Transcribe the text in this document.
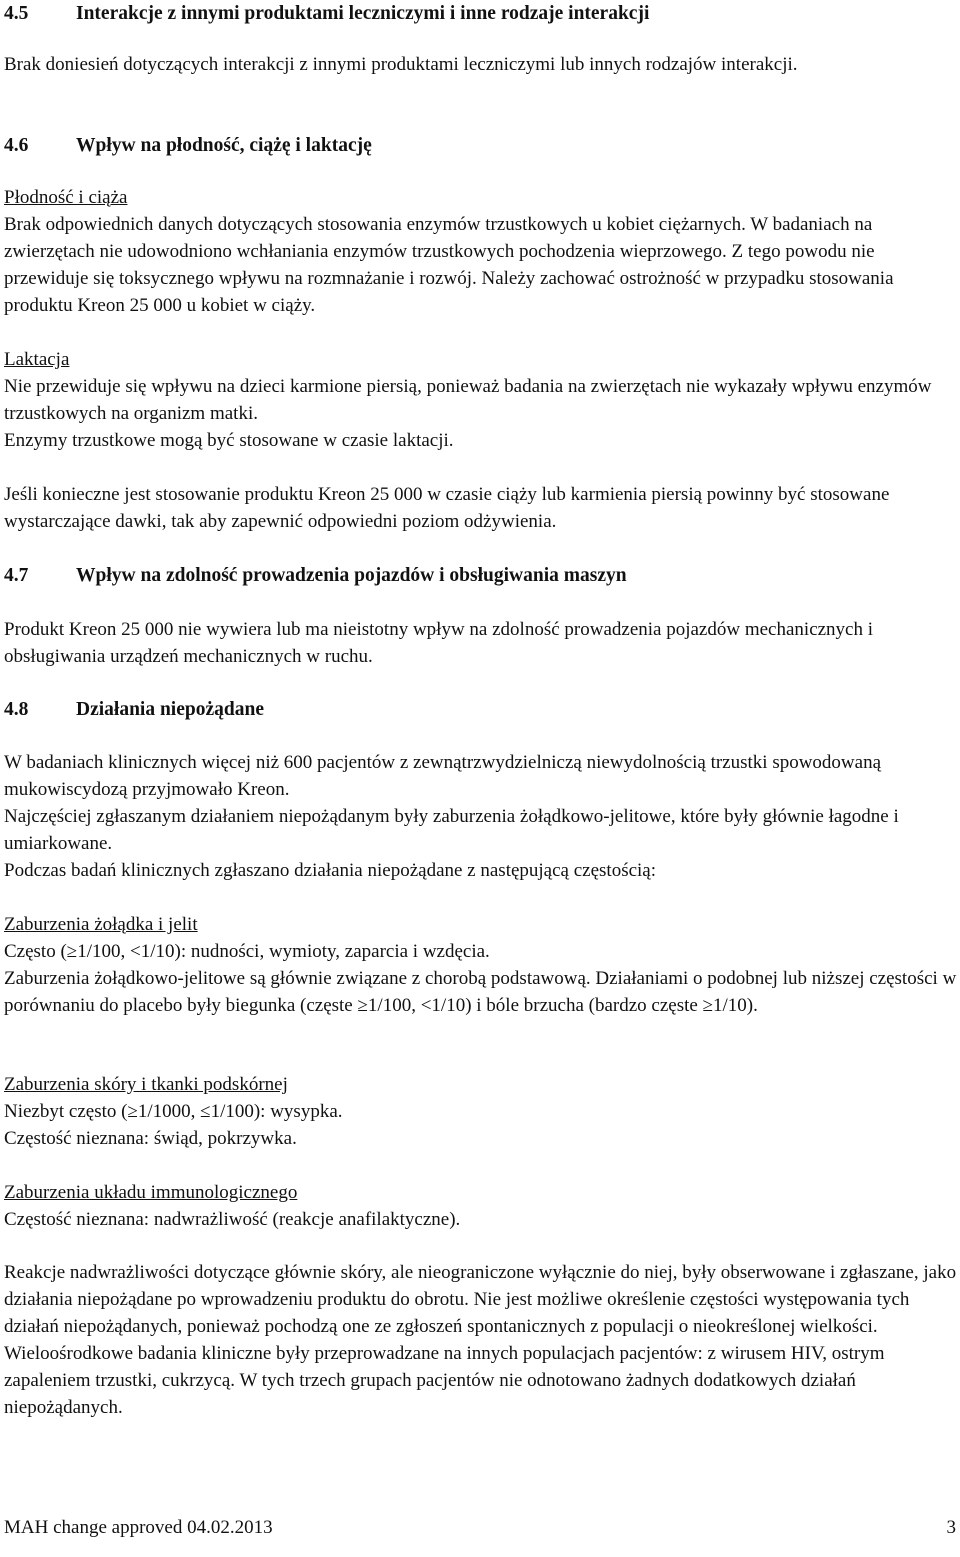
4.5	Interakcje z innymi produktami leczniczymi i inne rodzaje interakcji

Brak doniesień dotyczących interakcji z innymi produktami leczniczymi lub innych rodzajów interakcji.

4.6	Wpływ na płodność, ciążę i laktację

Płodność i ciąża

Brak odpowiednich danych dotyczących stosowania enzymów trzustkowych u kobiet ciężarnych. W badaniach na zwierzętach nie udowodniono wchłaniania enzymów trzustkowych pochodzenia wieprzowego. Z tego powodu nie przewiduje się toksycznego wpływu na rozmnażanie i rozwój. Należy zachować ostrożność w przypadku stosowania produktu Kreon 25 000 u kobiet w ciąży.

Laktacja

Nie przewiduje się wpływu na dzieci karmione piersią, ponieważ badania na zwierzętach nie wykazały wpływu enzymów trzustkowych na organizm matki.

Enzymy trzustkowe mogą być stosowane w czasie laktacji.

Jeśli konieczne jest stosowanie produktu Kreon 25 000 w czasie ciąży lub karmienia piersią powinny być stosowane wystarczające dawki, tak aby zapewnić odpowiedni poziom odżywienia.

4.7	Wpływ na zdolność prowadzenia pojazdów i obsługiwania maszyn

Produkt Kreon 25 000 nie wywiera lub ma nieistotny wpływ na zdolność prowadzenia pojazdów mechanicznych i obsługiwania urządzeń mechanicznych w ruchu.

4.8	Działania niepożądane

W badaniach klinicznych więcej niż 600 pacjentów z zewnątrzwydzielniczą niewydolnością trzustki spowodowaną mukowiscydozą przyjmowało Kreon.

Najczęściej zgłaszanym działaniem niepożądanym były zaburzenia żołądkowo-jelitowe, które były głównie łagodne i umiarkowane.

Podczas badań klinicznych zgłaszano działania niepożądane z następującą częstością:

Zaburzenia żołądka i jelit

Często (≥1/100, <1/10): nudności, wymioty, zaparcia i wzdęcia.

Zaburzenia żołądkowo-jelitowe są głównie związane z chorobą podstawową. Działaniami o podobnej lub niższej częstości w porównaniu do placebo były biegunka (częste ≥1/100, <1/10) i bóle brzucha (bardzo częste ≥1/10).

Zaburzenia skóry i tkanki podskórnej

Niezbyt często (≥1/1000, ≤1/100): wysypka.

Częstość nieznana: świąd, pokrzywka.

Zaburzenia układu immunologicznego

Częstość nieznana: nadwrażliwość (reakcje anafilaktyczne).

Reakcje nadwrażliwości dotyczące głównie skóry, ale nieograniczone wyłącznie do niej, były obserwowane i zgłaszane, jako działania niepożądane po wprowadzeniu produktu do obrotu. Nie jest możliwe określenie częstości występowania tych działań niepożądanych, ponieważ pochodzą one ze zgłoszeń spontanicznych z populacji o nieokreślonej wielkości.

Wieloośrodkowe badania kliniczne były przeprowadzane na innych populacjach pacjentów: z wirusem HIV, ostrym zapaleniem trzustki, cukrzycą. W tych trzech grupach pacjentów nie odnotowano żadnych dodatkowych działań niepożądanych.

MAH change approved 04.02.2013	3
